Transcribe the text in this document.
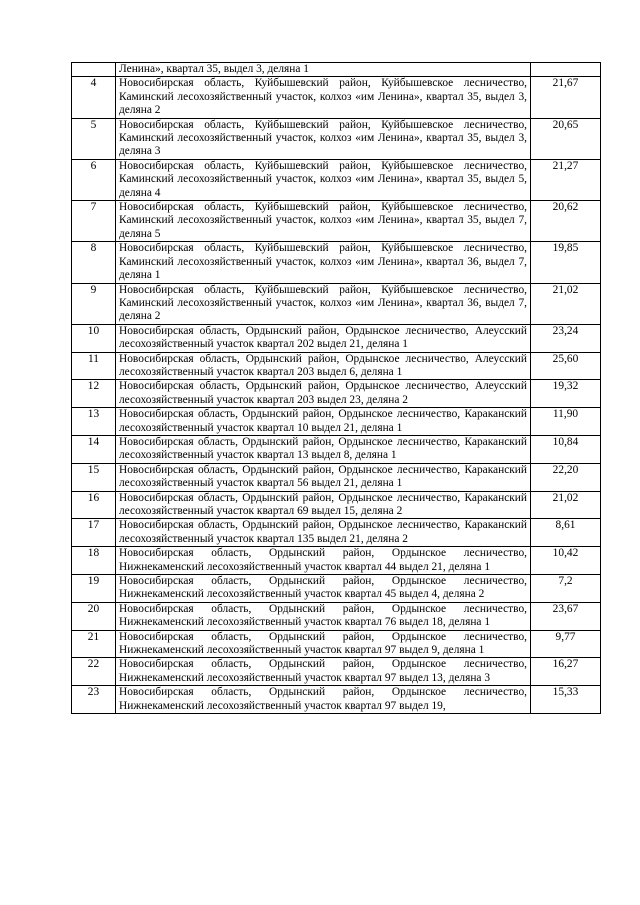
	Ленина», квартал 35, выдел 3, деляна 1	
4	Новосибирская область, Куйбышевский район, Куйбышевское лесничество, Каминский лесохозяйственный участок, колхоз «им Ленина», квартал 35, выдел 3, деляна 2	21,67
5	Новосибирская область, Куйбышевский район, Куйбышевское лесничество, Каминский лесохозяйственный участок, колхоз «им Ленина», квартал 35, выдел 3, деляна 3	20,65
6	Новосибирская область, Куйбышевский район, Куйбышевское лесничество, Каминский лесохозяйственный участок, колхоз «им Ленина», квартал 35, выдел 5, деляна 4	21,27
7	Новосибирская область, Куйбышевский район, Куйбышевское лесничество, Каминский лесохозяйственный участок, колхоз «им Ленина», квартал 35, выдел 7, деляна 5	20,62
8	Новосибирская область, Куйбышевский район, Куйбышевское лесничество, Каминский лесохозяйственный участок, колхоз «им Ленина», квартал 36, выдел 7, деляна 1	19,85
9	Новосибирская область, Куйбышевский район, Куйбышевское лесничество, Каминский лесохозяйственный участок, колхоз «им Ленина», квартал 36, выдел 7, деляна 2	21,02
10	Новосибирская область, Ордынский район, Ордынское лесничество, Алеусский лесохозяйственный участок квартал 202 выдел 21, деляна 1	23,24
11	Новосибирская область, Ордынский район, Ордынское лесничество, Алеусский лесохозяйственный участок квартал 203 выдел 6, деляна 1	25,60
12	Новосибирская область, Ордынский район, Ордынское лесничество, Алеусский лесохозяйственный участок квартал 203 выдел 23, деляна 2	19,32
13	Новосибирская область, Ордынский район, Ордынское лесничество, Караканский лесохозяйственный участок квартал 10 выдел 21, деляна 1	11,90
14	Новосибирская область, Ордынский район, Ордынское лесничество, Караканский лесохозяйственный участок квартал 13 выдел 8, деляна 1	10,84
15	Новосибирская область, Ордынский район, Ордынское лесничество, Караканский лесохозяйственный участок квартал 56 выдел 21, деляна 1	22,20
16	Новосибирская область, Ордынский район, Ордынское лесничество, Караканский лесохозяйственный участок квартал 69 выдел 15, деляна 2	21,02
17	Новосибирская область, Ордынский район, Ордынское лесничество, Караканский лесохозяйственный участок квартал 135 выдел 21, деляна 2	8,61
18	Новосибирская область, Ордынский район, Ордынское лесничество, Нижнекаменский лесохозяйственный участок квартал 44 выдел 21, деляна 1	10,42
19	Новосибирская область, Ордынский район, Ордынское лесничество, Нижнекаменский лесохозяйственный участок квартал 45 выдел 4, деляна 2	7,2
20	Новосибирская область, Ордынский район, Ордынское лесничество, Нижнекаменский лесохозяйственный участок квартал 76 выдел 18, деляна 1	23,67
21	Новосибирская область, Ордынский район, Ордынское лесничество, Нижнекаменский лесохозяйственный участок квартал 97 выдел 9, деляна 1	9,77
22	Новосибирская область, Ордынский район, Ордынское лесничество, Нижнекаменский лесохозяйственный участок квартал 97 выдел 13, деляна 3	16,27
23	Новосибирская область, Ордынский район, Ордынское лесничество, Нижнекаменский лесохозяйственный участок квартал 97 выдел 19,	15,33
